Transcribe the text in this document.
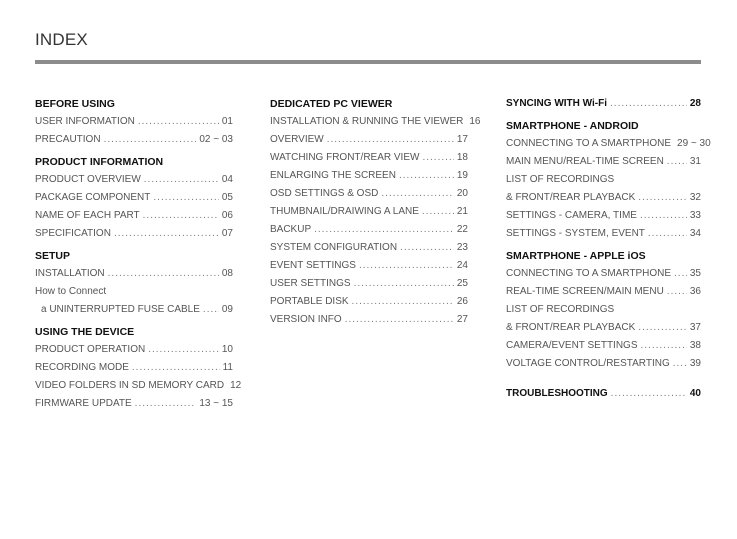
INDEX
BEFORE USING
USER INFORMATION .....	01
PRECAUTION .....	02 ~ 03
PRODUCT INFORMATION
PRODUCT OVERVIEW .....	04
PACKAGE COMPONENT .....	05
NAME OF EACH PART .....	06
SPECIFICATION .....	07
SETUP
INSTALLATION .....	08
How to Connect
a UNINTERRUPTED FUSE CABLE ..... 09
USING THE DEVICE
PRODUCT OPERATION .....	10
RECORDING MODE .....	11
VIDEO FOLDERS IN SD MEMORY CARD 12
FIRMWARE UPDATE .....	13 ~ 15
DEDICATED PC VIEWER
INSTALLATION & RUNNING THE VIEWER 16
OVERVIEW .....	17
WATCHING FRONT/REAR VIEW .....	18
ENLARGING THE SCREEN .....	19
OSD SETTINGS & OSD .....	20
THUMBNAIL/DRAIWING A LANE .....	21
BACKUP .....	22
SYSTEM CONFIGURATION .....	23
EVENT SETTINGS .....	24
USER SETTINGS .....	25
PORTABLE DISK .....	26
VERSION INFO .....	27
SYNCING WITH Wi-Fi .....	28
SMARTPHONE - ANDROID
CONNECTING TO A SMARTPHONE 29 ~ 30
MAIN MENU/REAL-TIME SCREEN .....	31
LIST OF RECORDINGS
& FRONT/REAR PLAYBACK .....	32
SETTINGS - CAMERA, TIME .....	33
SETTINGS - SYSTEM, EVENT .....	34
SMARTPHONE - APPLE iOS
CONNECTING TO A SMARTPHONE ..... 35
REAL-TIME SCREEN/MAIN MENU .....	36
LIST OF RECORDINGS
& FRONT/REAR PLAYBACK .....	37
CAMERA/EVENT SETTINGS .....	38
VOLTAGE CONTROL/RESTARTING ..... 39
TROUBLESHOOTING .....	40
